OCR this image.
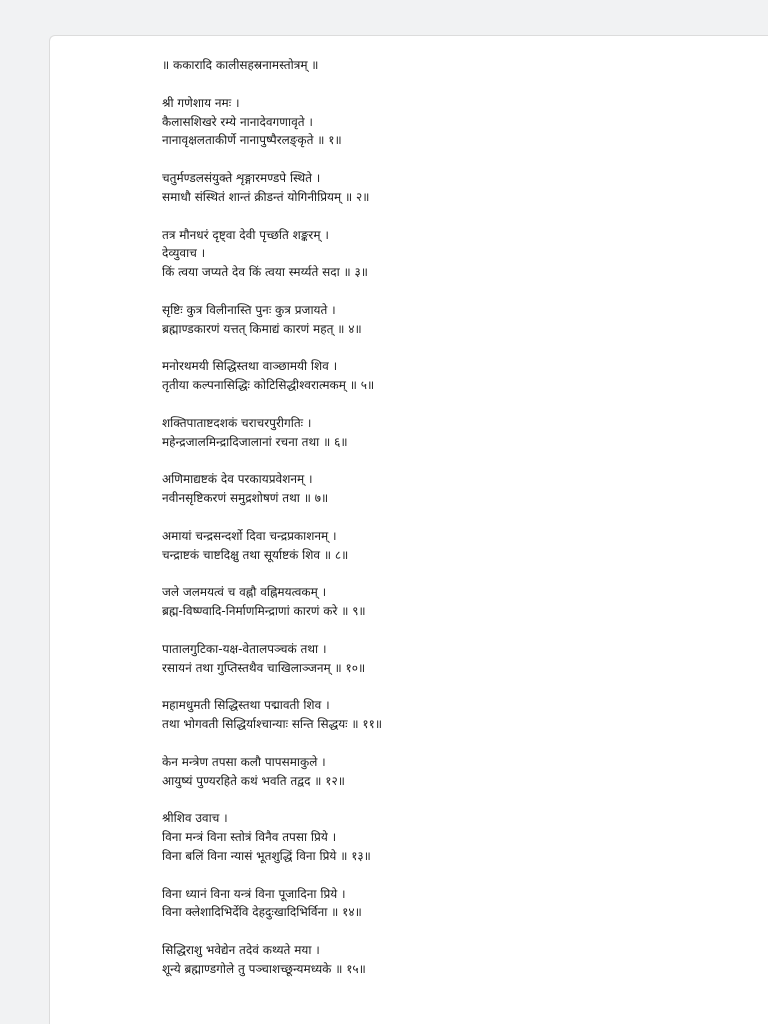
॥ ककारादि कालीसहस्रनामस्तोत्रम् ॥
श्री गणेशाय नमः ।
कैलासशिखरे रम्ये नानादेवगणावृते ।
नानावृक्षलताकीर्णे नानापुष्पैरलङ्कृते ॥ १॥
चतुर्मण्डलसंयुक्ते शृङ्गारमण्डपे स्थिते ।
समाधौ संस्थितं शान्तं क्रीडन्तं योगिनीप्रियम् ॥ २॥
तत्र मौनधरं दृष्ट्वा देवी पृच्छति शङ्करम् ।
देव्युवाच ।
किं त्वया जप्यते देव किं त्वया स्मर्य्यते सदा ॥ ३॥
सृष्टिः कुत्र विलीनास्ति पुनः कुत्र प्रजायते ।
ब्रह्माण्डकारणं यत्तत् किमाद्यं कारणं महत् ॥ ४॥
मनोरथमयी सिद्धिस्तथा वाञ्छामयी शिव ।
तृतीया कल्पनासिद्धिः कोटिसिद्धीश्वरात्मकम् ॥ ५॥
शक्तिपाताष्टदशकं चराचरपुरीगतिः ।
महेन्द्रजालमिन्द्रादिजालानां रचना तथा ॥ ६॥
अणिमाद्यष्टकं देव परकायप्रवेशनम् ।
नवीनसृष्टिकरणं समुद्रशोषणं तथा ॥ ७॥
अमायां चन्द्रसन्दर्शो दिवा चन्द्रप्रकाशनम् ।
चन्द्राष्टकं चाष्टदिक्षु तथा सूर्याष्टकं शिव ॥ ८॥
जले जलमयत्वं च वह्नौ वह्निमयत्वकम् ।
ब्रह्म-विष्ण्वादि-निर्माणमिन्द्राणां कारणं करे ॥ ९॥
पातालगुटिका-यक्ष-वेतालपञ्चकं तथा ।
रसायनं तथा गुप्तिस्तथैव चाखिलाञ्जनम् ॥ १०॥
महामधुमती सिद्धिस्तथा पद्मावती शिव ।
तथा भोगवती सिद्धिर्याश्चान्याः सन्ति सिद्धयः ॥ ११॥
केन मन्त्रेण तपसा कलौ पापसमाकुले ।
आयुष्यं पुण्यरहिते कथं भवति तद्वद ॥ १२॥
श्रीशिव उवाच ।
विना मन्त्रं विना स्तोत्रं विनैव तपसा प्रिये ।
विना बलिं विना न्यासं भूतशुद्धिं विना प्रिये ॥ १३॥
विना ध्यानं विना यन्त्रं विना पूजादिना प्रिये ।
विना क्लेशादिभिर्देवि देहदुःखादिभिर्विना ॥ १४॥
सिद्धिराशु भवेद्येन तदेवं कथ्यते मया ।
शून्ये ब्रह्माण्डगोले तु पञ्चाशच्छून्यमध्यके ॥ १५॥
